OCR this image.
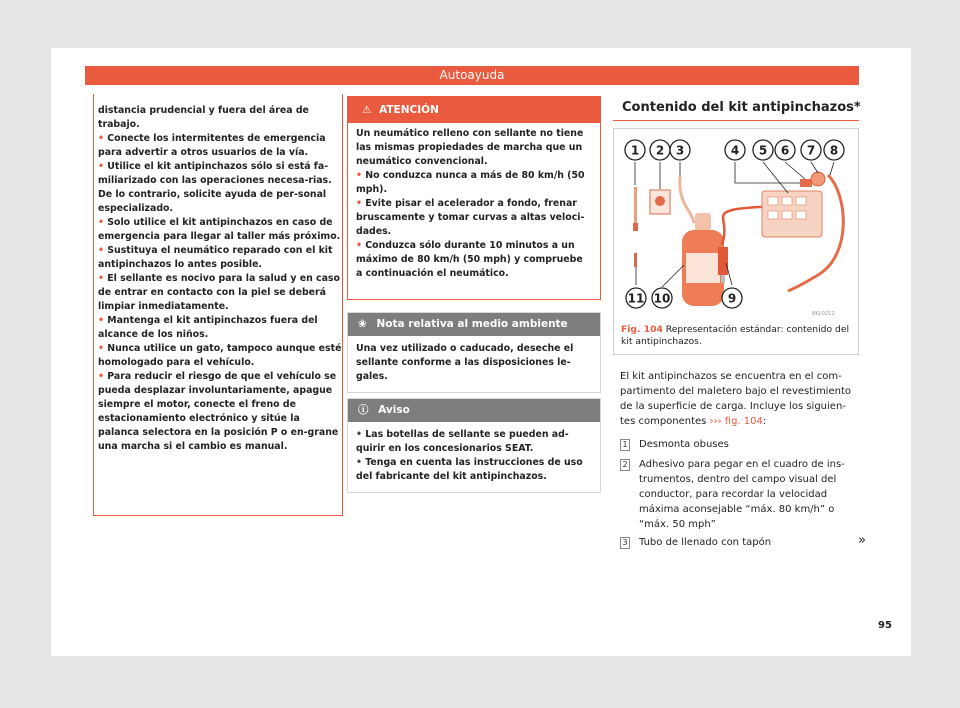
Autoayuda
distancia prudencial y fuera del área de trabajo.
• Conecte los intermitentes de emergencia para advertir a otros usuarios de la vía.
• Utilice el kit antipinchazos sólo si está fa-miliarizado con las operaciones necesa-rias. De lo contrario, solicite ayuda de per-sonal especializado.
• Solo utilice el kit antipinchazos en caso de emergencia para llegar al taller más próximo.
• Sustituya el neumático reparado con el kit antipinchazos lo antes posible.
• El sellante es nocivo para la salud y en caso de entrar en contacto con la piel se deberá limpiar inmediatamente.
• Mantenga el kit antipinchazos fuera del alcance de los niños.
• Nunca utilice un gato, tampoco aunque esté homologado para el vehículo.
• Para reducir el riesgo de que el vehículo se pueda desplazar involuntariamente, apague siempre el motor, conecte el freno de estacionamiento electrónico y sitúe la palanca selectora en la posición P o en-grane una marcha si el cambio es manual.
⚠ ATENCIÓN
Un neumático relleno con sellante no tiene las mismas propiedades de marcha que un neumático convencional.
• No conduzca nunca a más de 80 km/h (50 mph).
• Evite pisar el acelerador a fondo, frenar bruscamente y tomar curvas a altas veloci-dades.
• Conduzca sólo durante 10 minutos a un máximo de 80 km/h (50 mph) y compruebe a continuación el neumático.
❀ Nota relativa al medio ambiente
Una vez utilizado o caducado, deseche el sellante conforme a las disposiciones le-gales.
ⓘ Aviso
• Las botellas de sellante se pueden ad-quirir en los concesionarios SEAT.
• Tenga en cuenta las instrucciones de uso del fabricante del kit antipinchazos.
Contenido del kit antipinchazos*
1 2 3	4 5 6 7 8
9
10
11
BKJ-0212
Fig. 104 Representación estándar: contenido del kit antipinchazos.
El kit antipinchazos se encuentra en el com-partimento del maletero bajo el revestimiento de la superficie de carga. Incluye los siguien-tes componentes ››› fig. 104:
1 Desmonta obuses
2 Adhesivo para pegar en el cuadro de ins-trumentos, dentro del campo visual del conductor, para recordar la velocidad máxima aconsejable “máx. 80 km/h” o “máx. 50 mph”
3 Tubo de llenado con tapón	»
95
